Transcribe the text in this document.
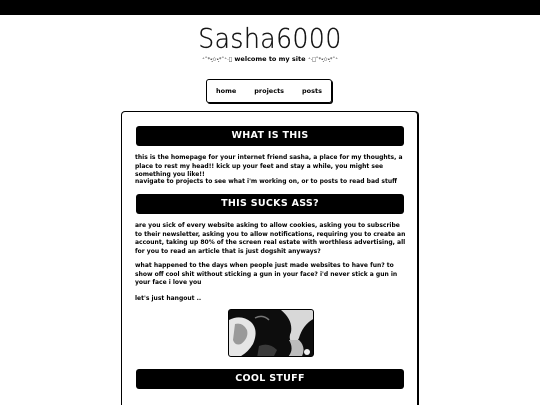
Sasha6000
⁺˚*•̩̩͙✩•̩̩͙*˚⁺‧͙ welcome to my site ⁺‧͙˚*•̩̩͙✩•̩̩͙*˚⁺
home	projects	posts
WHAT IS THIS
this is the homepage for your internet friend sasha, a place for my thoughts, a place to rest my head!! kick up your feet and stay a while, you might see something you like!!
navigate to projects to see what i'm working on, or to posts to read bad stuff
THIS SUCKS ASS?
are you sick of every website asking to allow cookies, asking you to subscribe to their newsletter, asking you to allow notifications, requiring you to create an account, taking up 80% of the screen real estate with worthless advertising, all for you to read an article that is just dogshit anyways?
what happened to the days when people just made websites to have fun? to show off cool shit without sticking a gun in your face? i'd never stick a gun in your face i love you
let's just hangout ..
COOL STUFF
